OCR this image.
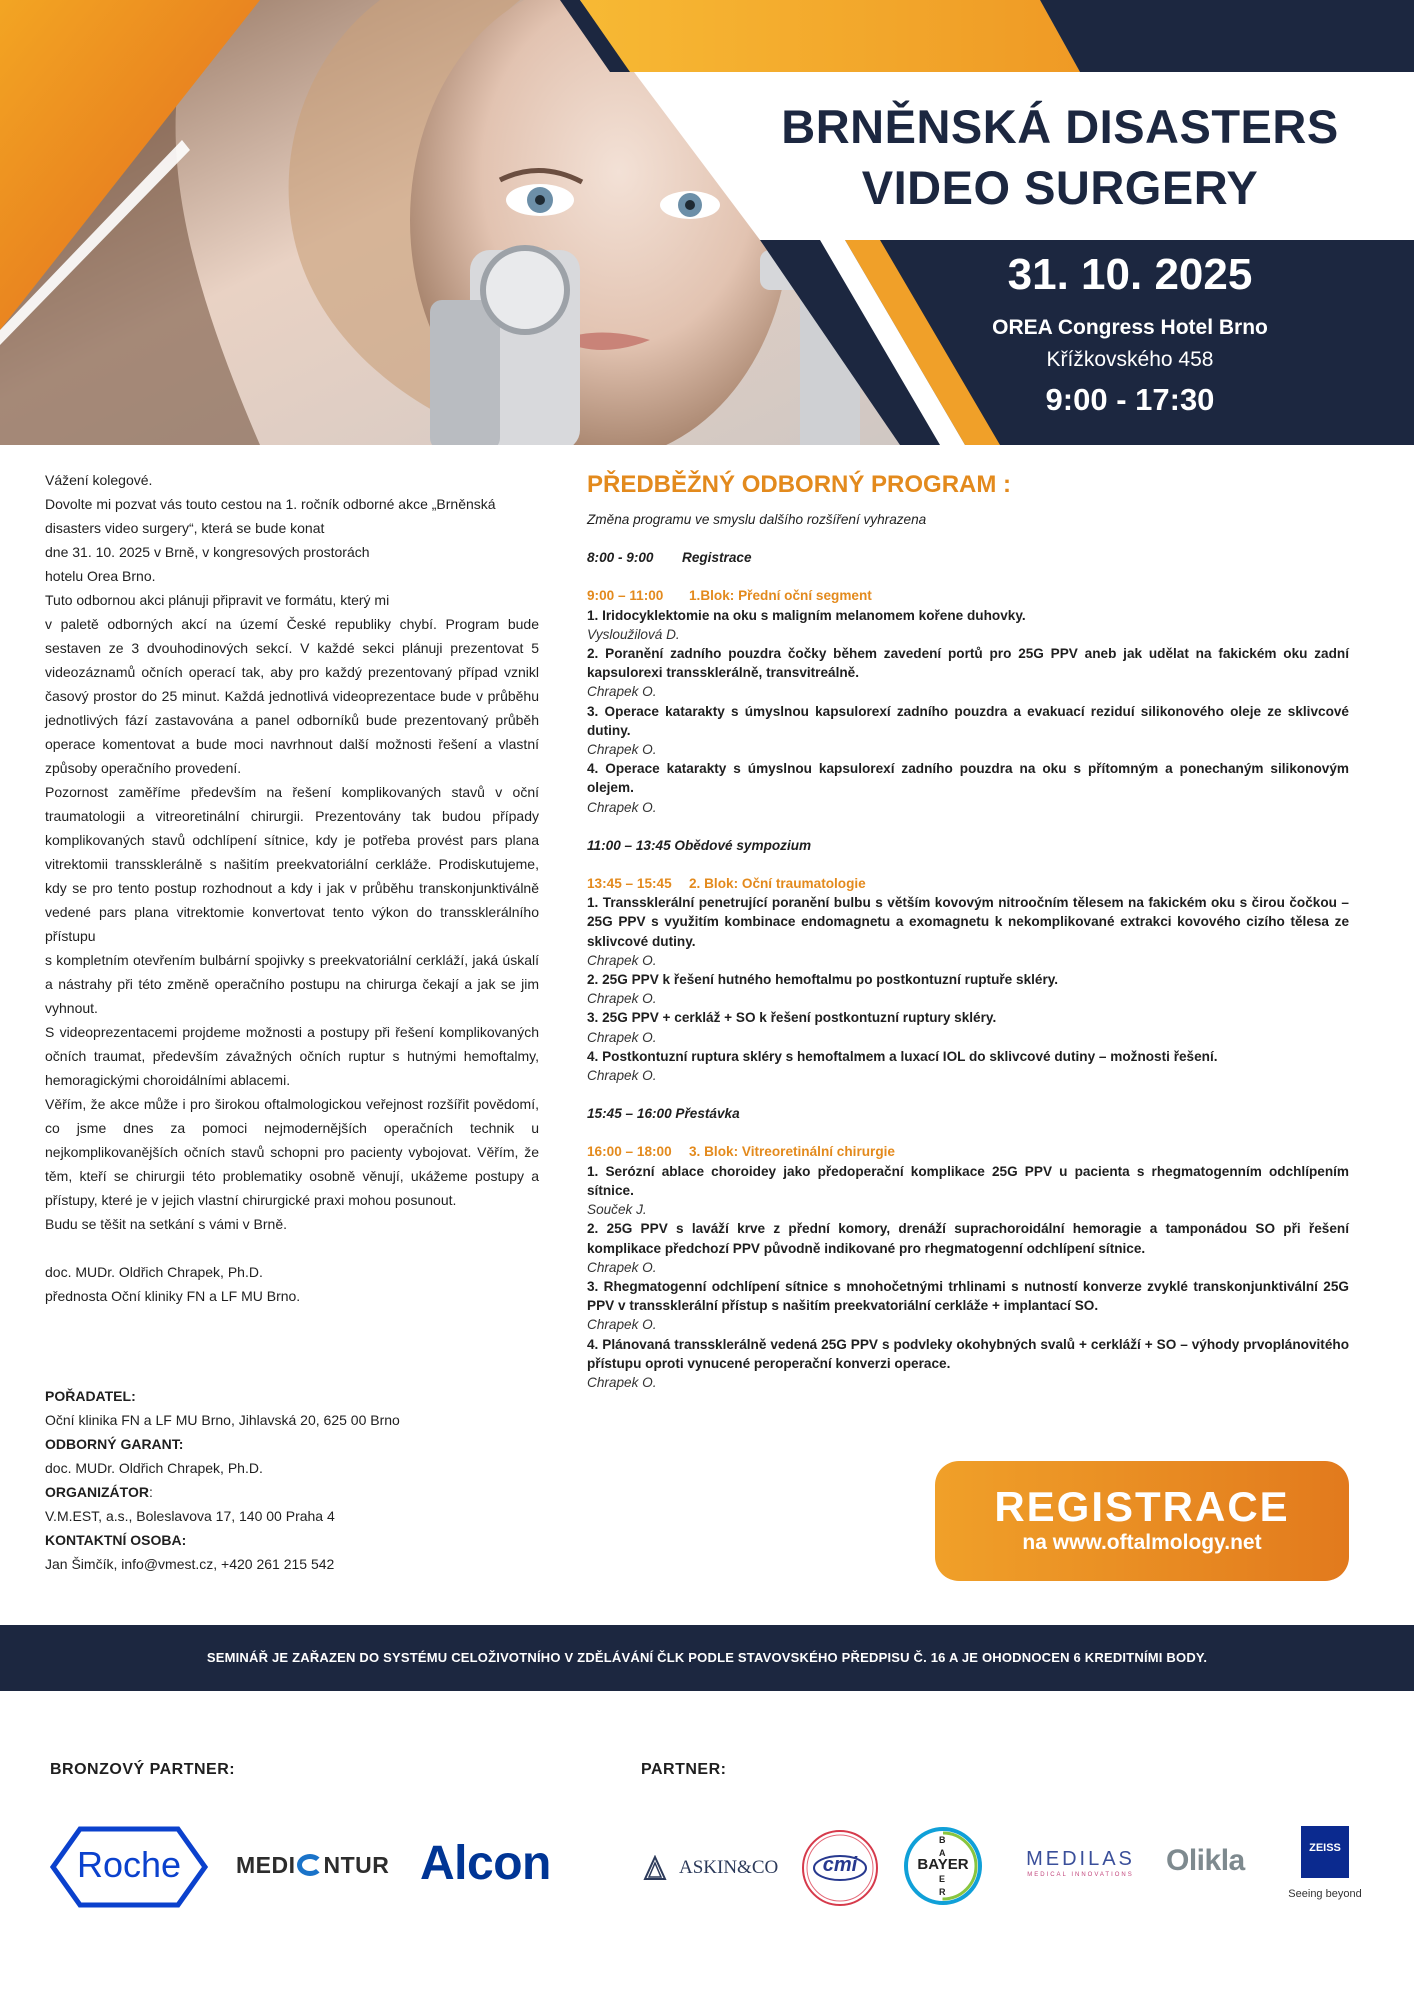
BRNĚNSKÁ DISASTERS
VIDEO SURGERY
31. 10. 2025
OREA Congress Hotel Brno
Křížkovského 458
9:00 - 17:30

Vážení kolegové.

Dovolte mi pozvat vás touto cestou na 1. ročník odborné akce „Brněnská

disasters video surgery“, která se bude konat

dne 31. 10. 2025 v Brně, v kongresových prostorách

hotelu Orea Brno.

Tuto odbornou akci plánuji připravit ve formátu, který mi

v paletě odborných akcí na území České republiky chybí. Program bude sestaven ze 3 dvouhodinových sekcí. V každé sekci plánuji prezentovat 5 videozáznamů očních operací tak, aby pro každý prezentovaný případ vznikl časový prostor do 25 minut. Každá jednotlivá videoprezentace bude v průběhu jednotlivých fází zastavována a panel odborníků bude prezentovaný průběh operace komentovat a bude moci navrhnout další možnosti řešení a vlastní způsoby operačního provedení.

Pozornost zaměříme především na řešení komplikovaných stavů v oční traumatologii a vitreoretinální chirurgii. Prezentovány tak budou případy komplikovaných stavů odchlípení sítnice, kdy je potřeba provést pars plana vitrektomii transsklerálně s našitím preekvatoriální cerkláže. Prodiskutujeme, kdy se pro tento postup rozhodnout a kdy i jak v průběhu transkonjunktiválně vedené pars plana vitrektomie konvertovat tento výkon do transsklerálního přístupu

s kompletním otevřením bulbární spojivky s preekvatoriální cerkláží, jaká úskalí a nástrahy při této změně operačního postupu na chirurga čekají a jak se jim vyhnout.

S videoprezentacemi projdeme možnosti a postupy při řešení komplikovaných očních traumat, především závažných očních ruptur s hutnými hemoftalmy, hemoragickými choroidálními ablacemi.

Věřím, že akce může i pro širokou oftalmologickou veřejnost rozšířit povědomí, co jsme dnes za pomoci nejmodernějších operačních technik u nejkomplikovanějších očních stavů schopni pro pacienty vybojovat. Věřím, že těm, kteří se chirurgii této problematiky osobně věnují, ukážeme postupy a přístupy, které je v jejich vlastní chirurgické praxi mohou posunout.

Budu se těšit na setkání s vámi v Brně.

doc. MUDr. Oldřich Chrapek, Ph.D.

přednosta Oční kliniky FN a LF MU Brno.

POŘADATEL:

Oční klinika FN a LF MU Brno, Jihlavská 20, 625 00 Brno

ODBORNÝ GARANT:

doc. MUDr. Oldřich Chrapek, Ph.D.

ORGANIZÁTOR:

V.M.EST, a.s., Boleslavova 17, 140 00 Praha 4

KONTAKTNÍ OSOBA:

Jan Šimčík, info@vmest.cz, +420 261 215 542

PŘEDBĚŽNÝ ODBORNÝ PROGRAM :
Změna programu ve smyslu dalšího rozšíření vyhrazena
8:00 - 9:00 Registrace
9:00 – 11:00 1.Blok: Přední oční segment
1. Iridocyklektomie na oku s maligním melanomem kořene duhovky.
Vysloužilová D.
2. Poranění zadního pouzdra čočky během zavedení portů pro 25G PPV aneb jak udělat na fakickém oku zadní kapsulorexi transsklerálně, transvitreálně.
Chrapek O.
3. Operace katarakty s úmyslnou kapsulorexí zadního pouzdra a evakuací reziduí silikonového oleje ze sklivcové dutiny.
Chrapek O.
4. Operace katarakty s úmyslnou kapsulorexí zadního pouzdra na oku s přítomným a ponechaným silikonovým olejem.
Chrapek O.
11:00 – 13:45 Obědové sympozium
13:45 – 15:45 2. Blok: Oční traumatologie
1. Transsklerální penetrující poranění bulbu s větším kovovým nitroočním tělesem na fakickém oku s čirou čočkou – 25G PPV s využitím kombinace endomagnetu a exomagnetu k nekomplikované extrakci kovového cizího tělesa ze sklivcové dutiny.
Chrapek O.
2. 25G PPV k řešení hutného hemoftalmu po postkontuzní ruptuře skléry.
Chrapek O.
3. 25G PPV + cerkláž + SO k řešení postkontuzní ruptury skléry.
Chrapek O.
4. Postkontuzní ruptura skléry s hemoftalmem a luxací IOL do sklivcové dutiny – možnosti řešení.
Chrapek O.
15:45 – 16:00 Přestávka
16:00 – 18:00 3. Blok: Vitreoretinální chirurgie
1. Serózní ablace choroidey jako předoperační komplikace 25G PPV u pacienta s rhegmatogenním odchlípením sítnice.
Souček J.
2. 25G PPV s laváží krve z přední komory, drenáží suprachoroidální hemoragie a tamponádou SO při řešení komplikace předchozí PPV původně indikované pro rhegmatogenní odchlípení sítnice.
Chrapek O.
3. Rhegmatogenní odchlípení sítnice s mnohočetnými trhlinami s nutností konverze zvyklé transkonjunktivální 25G PPV v transsklerální přístup s našitím preekvatoriální cerkláže + implantací SO.
Chrapek O.
4. Plánovaná transsklerálně vedená 25G PPV s podvleky okohybných svalů + cerkláží + SO – výhody prvoplánovitého přístupu oproti vynucené peroperační konverzi operace.
Chrapek O.
REGISTRACE
na www.oftalmology.net
SEMINÁŘ JE ZAŘAZEN DO SYSTÉMU CELOŽIVOTNÍHO V ZDĚLÁVÁNÍ ČLK PODLE STAVOVSKÉHO PŘEDPISU Č. 16 A JE OHODNOCEN 6 KREDITNÍMI BODY.
BRONZOVÝ PARTNER:	PARTNER:
Roche	MEDI NTUR Alcon	ASKIN&CO	cmi	BAYER
B
A
E
R
MEDILAS
MEDICAL INNOVATIONS	Olikla	ZEISS
Seeing beyond
